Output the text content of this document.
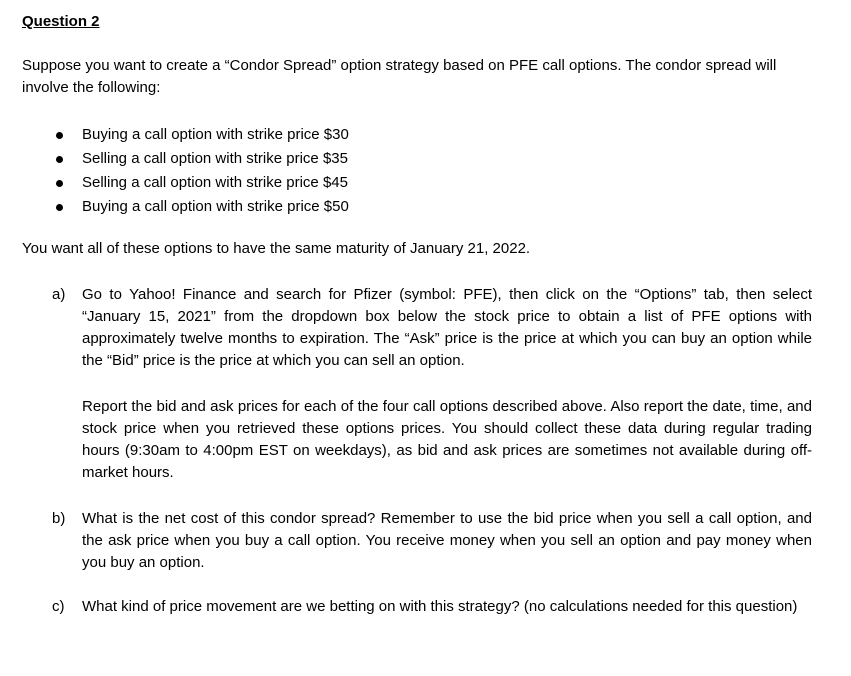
Question 2

Suppose you want to create a “Condor Spread” option strategy based on PFE call options. The condor spread will involve the following:

Buying a call option with strike price $30
Selling a call option with strike price $35
Selling a call option with strike price $45
Buying a call option with strike price $50

You want all of these options to have the same maturity of January 21, 2022.

a)	Go to Yahoo! Finance and search for Pfizer (symbol: PFE), then click on the “Options” tab, then select “January 15, 2021” from the dropdown box below the stock price to obtain a list of PFE options with approximately twelve months to expiration. The “Ask” price is the price at which you can buy an option while the “Bid” price is the price at which you can sell an option.
Report the bid and ask prices for each of the four call options described above. Also report the date, time, and stock price when you retrieved these options prices. You should collect these data during regular trading hours (9:30am to 4:00pm EST on weekdays), as bid and ask prices are sometimes not available during off-market hours.
b)	What is the net cost of this condor spread? Remember to use the bid price when you sell a call option, and the ask price when you buy a call option. You receive money when you sell an option and pay money when you buy an option.
c)	What kind of price movement are we betting on with this strategy? (no calculations needed for this question)
